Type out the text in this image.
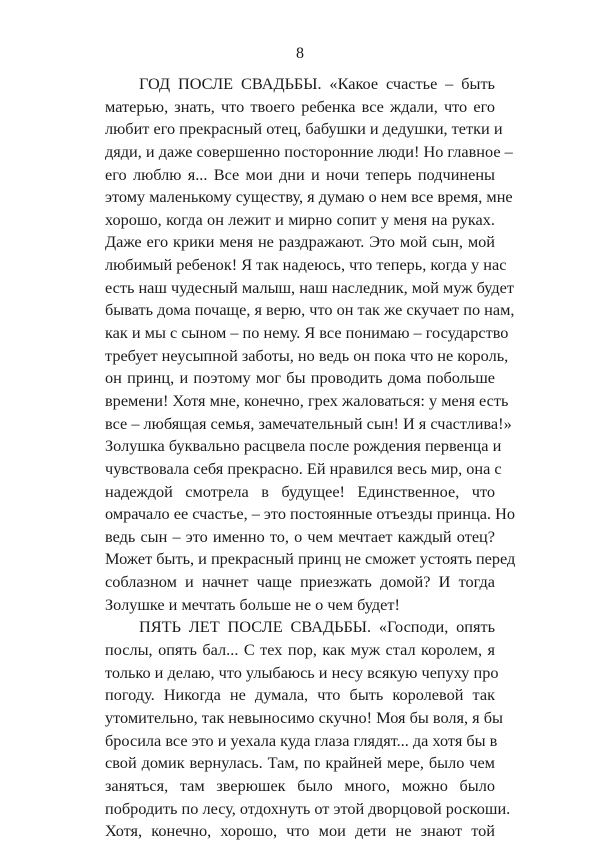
8
ГОД ПОСЛЕ СВАДЬБЫ. «Какое счастье – быть
матерью, знать, что твоего ребенка все ждали, что его
любит его прекрасный отец, бабушки и дедушки, тетки и
дяди, и даже совершенно посторонние люди! Но главное –
его люблю я... Все мои дни и ночи теперь подчинены
этому маленькому существу, я думаю о нем все время, мне
хорошо, когда он лежит и мирно сопит у меня на руках.
Даже его крики меня не раздражают. Это мой сын, мой
любимый ребенок! Я так надеюсь, что теперь, когда у нас
есть наш чудесный малыш, наш наследник, мой муж будет
бывать дома почаще, я верю, что он так же скучает по нам,
как и мы с сыном – по нему. Я все понимаю – государство
требует неусыпной заботы, но ведь он пока что не король,
он принц, и поэтому мог бы проводить дома побольше
времени! Хотя мне, конечно, грех жаловаться: у меня есть
все – любящая семья, замечательный сын! И я счастлива!»
Золушка буквально расцвела после рождения первенца и
чувствовала себя прекрасно. Ей нравился весь мир, она с
надеждой смотрела в будущее! Единственное, что
омрачало ее счастье, – это постоянные отъезды принца. Но
ведь сын – это именно то, о чем мечтает каждый отец?
Может быть, и прекрасный принц не сможет устоять перед
соблазном и начнет чаще приезжать домой? И тогда
Золушке и мечтать больше не о чем будет!
ПЯТЬ ЛЕТ ПОСЛЕ СВАДЬБЫ. «Господи, опять
послы, опять бал... С тех пор, как муж стал королем, я
только и делаю, что улыбаюсь и несу всякую чепуху про
погоду. Никогда не думала, что быть королевой так
утомительно, так невыносимо скучно! Моя бы воля, я бы
бросила все это и уехала куда глаза глядят... да хотя бы в
свой домик вернулась. Там, по крайней мере, было чем
заняться, там зверюшек было много, можно было
побродить по лесу, отдохнуть от этой дворцовой роскоши.
Хотя, конечно, хорошо, что мои дети не знают той
